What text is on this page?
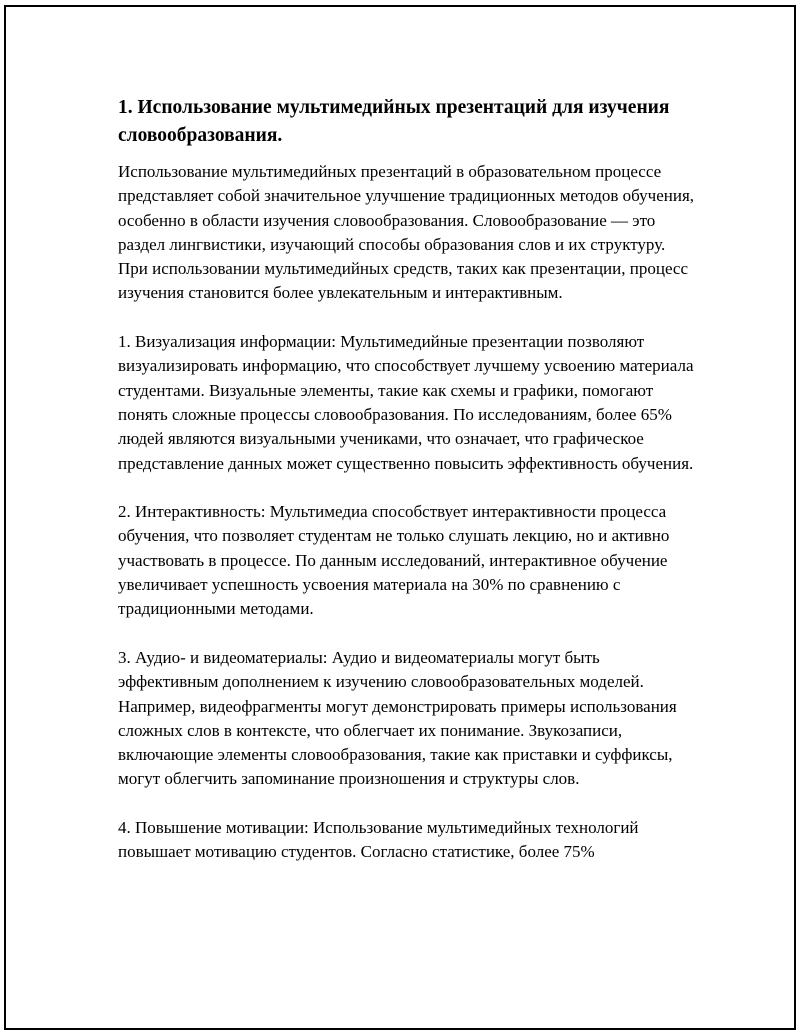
1. Использование мультимедийных презентаций для изучения словообразования.

Использование мультимедийных презентаций в образовательном процессе представляет собой значительное улучшение традиционных методов обучения, особенно в области изучения словообразования. Словообразование — это раздел лингвистики, изучающий способы образования слов и их структуру. При использовании мультимедийных средств, таких как презентации, процесс изучения становится более увлекательным и интерактивным.

1. Визуализация информации: Мультимедийные презентации позволяют визуализировать информацию, что способствует лучшему усвоению материала студентами. Визуальные элементы, такие как схемы и графики, помогают понять сложные процессы словообразования. По исследованиям, более 65% людей являются визуальными учениками, что означает, что графическое представление данных может существенно повысить эффективность обучения.

2. Интерактивность: Мультимедиа способствует интерактивности процесса обучения, что позволяет студентам не только слушать лекцию, но и активно участвовать в процессе. По данным исследований, интерактивное обучение увеличивает успешность усвоения материала на 30% по сравнению с традиционными методами.

3. Аудио- и видеоматериалы: Аудио и видеоматериалы могут быть эффективным дополнением к изучению словообразовательных моделей. Например, видеофрагменты могут демонстрировать примеры использования сложных слов в контексте, что облегчает их понимание. Звукозаписи, включающие элементы словообразования, такие как приставки и суффиксы, могут облегчить запоминание произношения и структуры слов.

4. Повышение мотивации: Использование мультимедийных технологий повышает мотивацию студентов. Согласно статистике, более 75%
